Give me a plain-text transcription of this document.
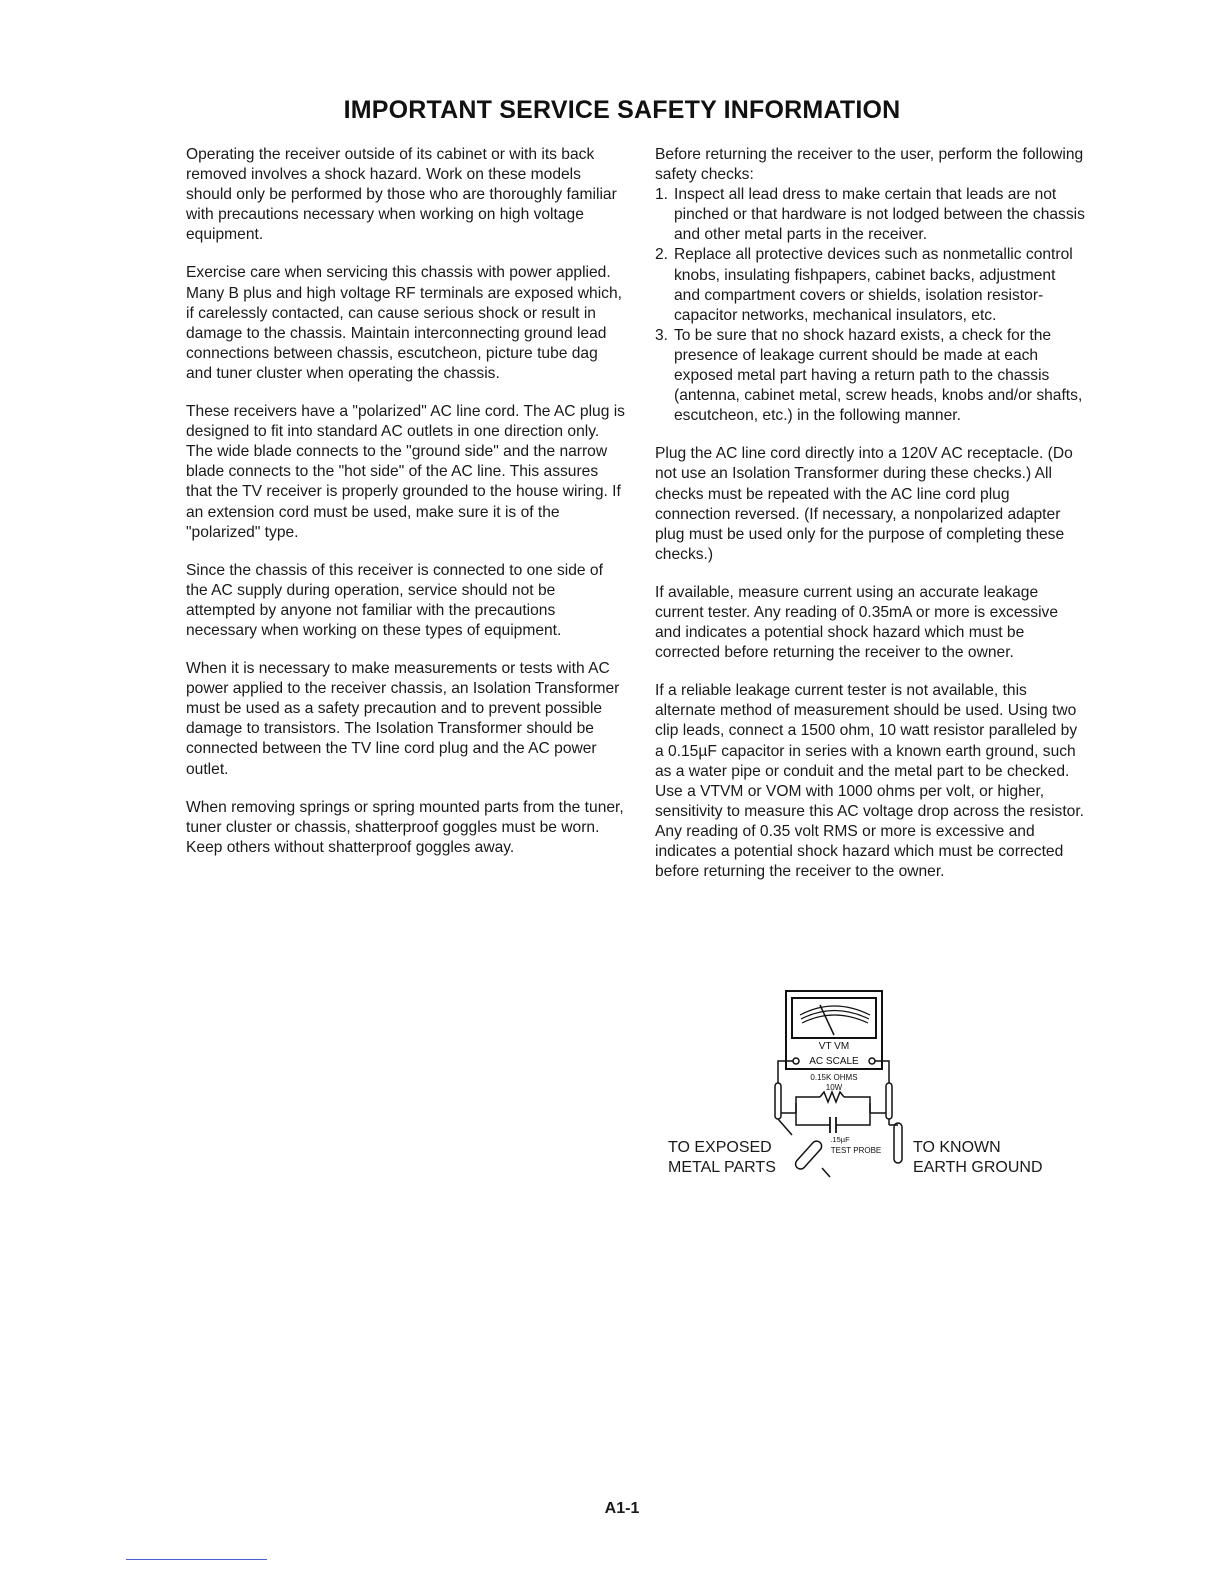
IMPORTANT SERVICE SAFETY INFORMATION

Operating the receiver outside of its cabinet or with its back removed involves a shock hazard. Work on these models should only be performed by those who are thoroughly familiar with precautions necessary when working on high voltage equipment.

Exercise care when servicing this chassis with power applied. Many B plus and high voltage RF terminals are exposed which, if carelessly contacted, can cause serious shock or result in damage to the chassis. Maintain interconnecting ground lead connections between chassis, escutcheon, picture tube dag and tuner cluster when operating the chassis.

These receivers have a "polarized" AC line cord. The AC plug is designed to fit into standard AC outlets in one direction only. The wide blade connects to the "ground side" and the narrow blade connects to the "hot side" of the AC line. This assures that the TV receiver is properly grounded to the house wiring. If an extension cord must be used, make sure it is of the "polarized" type.

Since the chassis of this receiver is connected to one side of the AC supply during operation, service should not be attempted by anyone not familiar with the precautions necessary when working on these types of equipment.

When it is necessary to make measurements or tests with AC power applied to the receiver chassis, an Isolation Transformer must be used as a safety precaution and to prevent possible damage to transistors. The Isolation Transformer should be connected between the TV line cord plug and the AC power outlet.

When removing springs or spring mounted parts from the tuner, tuner cluster or chassis, shatterproof goggles must be worn. Keep others without shatterproof goggles away.

Before returning the receiver to the user, perform the following safety checks:

1. Inspect all lead dress to make certain that leads are not pinched or that hardware is not lodged between the chassis and other metal parts in the receiver.
2. Replace all protective devices such as nonmetallic control knobs, insulating fishpapers, cabinet backs, adjustment and compartment covers or shields, isolation resistor-capacitor networks, mechanical insulators, etc.
3. To be sure that no shock hazard exists, a check for the presence of leakage current should be made at each exposed metal part having a return path to the chassis (antenna, cabinet metal, screw heads, knobs and/or shafts, escutcheon, etc.) in the following manner.

Plug the AC line cord directly into a 120V AC receptacle. (Do not use an Isolation Transformer during these checks.) All checks must be repeated with the AC line cord plug connection reversed. (If necessary, a nonpolarized adapter plug must be used only for the purpose of completing these checks.)

If available, measure current using an accurate leakage current tester. Any reading of 0.35mA or more is excessive and indicates a potential shock hazard which must be corrected before returning the receiver to the owner.

If a reliable leakage current tester is not available, this alternate method of measurement should be used. Using two clip leads, connect a 1500 ohm, 10 watt resistor paralleled by a 0.15µF capacitor in series with a known earth ground, such as a water pipe or conduit and the metal part to be checked. Use a VTVM or VOM with 1000 ohms per volt, or higher, sensitivity to measure this AC voltage drop across the resistor. Any reading of 0.35 volt RMS or more is excessive and indicates a potential shock hazard which must be corrected before returning the receiver to the owner.

VT VM
AC SCALE
0.15K OHMS
10W
.15µF
TEST PROBE
TO EXPOSED
METAL PARTS
TO KNOWN
EARTH GROUND
A1-1
